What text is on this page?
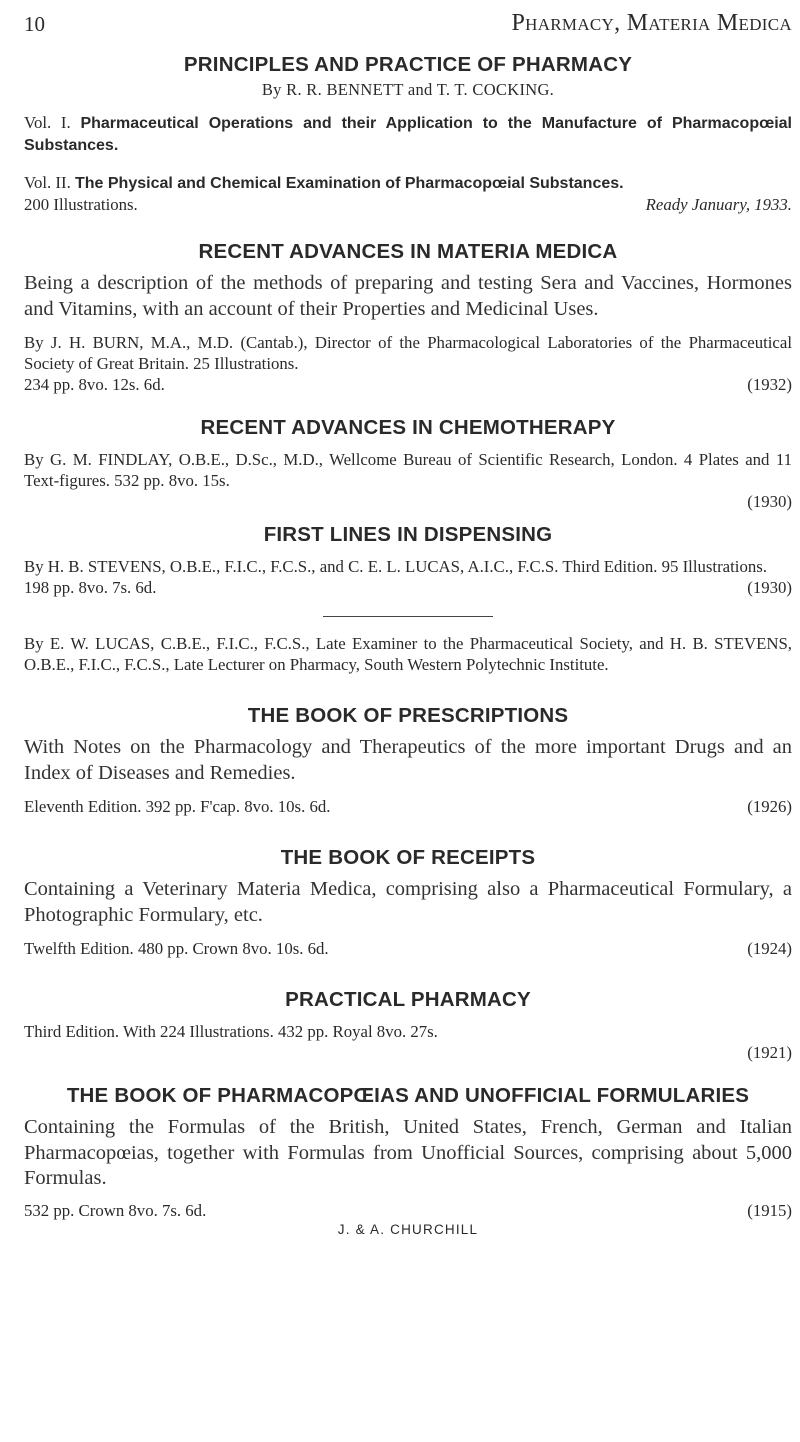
10	Pharmacy, Materia Medica
PRINCIPLES AND PRACTICE OF PHARMACY
By R. R. BENNETT and T. T. COCKING.

Vol. I. Pharmaceutical Operations and their Application to the Manufacture of Pharmacopœial Substances.

Vol. II. The Physical and Chemical Examination of Pharmacopœial Substances.

200 Illustrations.	Ready January, 1933.
RECENT ADVANCES IN MATERIA MEDICA

Being a description of the methods of preparing and testing Sera and Vaccines, Hormones and Vitamins, with an account of their Properties and Medicinal Uses.

By J. H. BURN, M.A., M.D. (Cantab.), Director of the Pharmacological Laboratories of the Pharmaceutical Society of Great Britain. 25 Illustrations.

234 pp. 8vo. 12s. 6d.	(1932)
RECENT ADVANCES IN CHEMOTHERAPY

By G. M. FINDLAY, O.B.E., D.Sc., M.D., Wellcome Bureau of Scientific Research, London. 4 Plates and 11 Text-figures. 532 pp. 8vo. 15s.

(1930)
FIRST LINES IN DISPENSING

By H. B. STEVENS, O.B.E., F.I.C., F.C.S., and C. E. L. LUCAS, A.I.C., F.C.S. Third Edition. 95 Illustrations. 198 pp. 8vo. 7s. 6d.	(1930)

By E. W. LUCAS, C.B.E., F.I.C., F.C.S., Late Examiner to the Pharmaceutical Society, and H. B. STEVENS, O.B.E., F.I.C., F.C.S., Late Lecturer on Pharmacy, South Western Polytechnic Institute.

THE BOOK OF PRESCRIPTIONS

With Notes on the Pharmacology and Therapeutics of the more important Drugs and an Index of Diseases and Remedies.

Eleventh Edition. 392 pp. F'cap. 8vo. 10s. 6d.	(1926)
THE BOOK OF RECEIPTS

Containing a Veterinary Materia Medica, comprising also a Pharmaceutical Formulary, a Photographic Formulary, etc.

Twelfth Edition. 480 pp. Crown 8vo. 10s. 6d.	(1924)
PRACTICAL PHARMACY

Third Edition. With 224 Illustrations. 432 pp. Royal 8vo. 27s.

(1921)
THE BOOK OF PHARMACOPŒIAS AND UNOFFICIAL FORMULARIES

Containing the Formulas of the British, United States, French, German and Italian Pharmacopœias, together with Formulas from Unofficial Sources, comprising about 5,000 Formulas.

532 pp. Crown 8vo. 7s. 6d.	(1915)
J. & A. CHURCHILL
